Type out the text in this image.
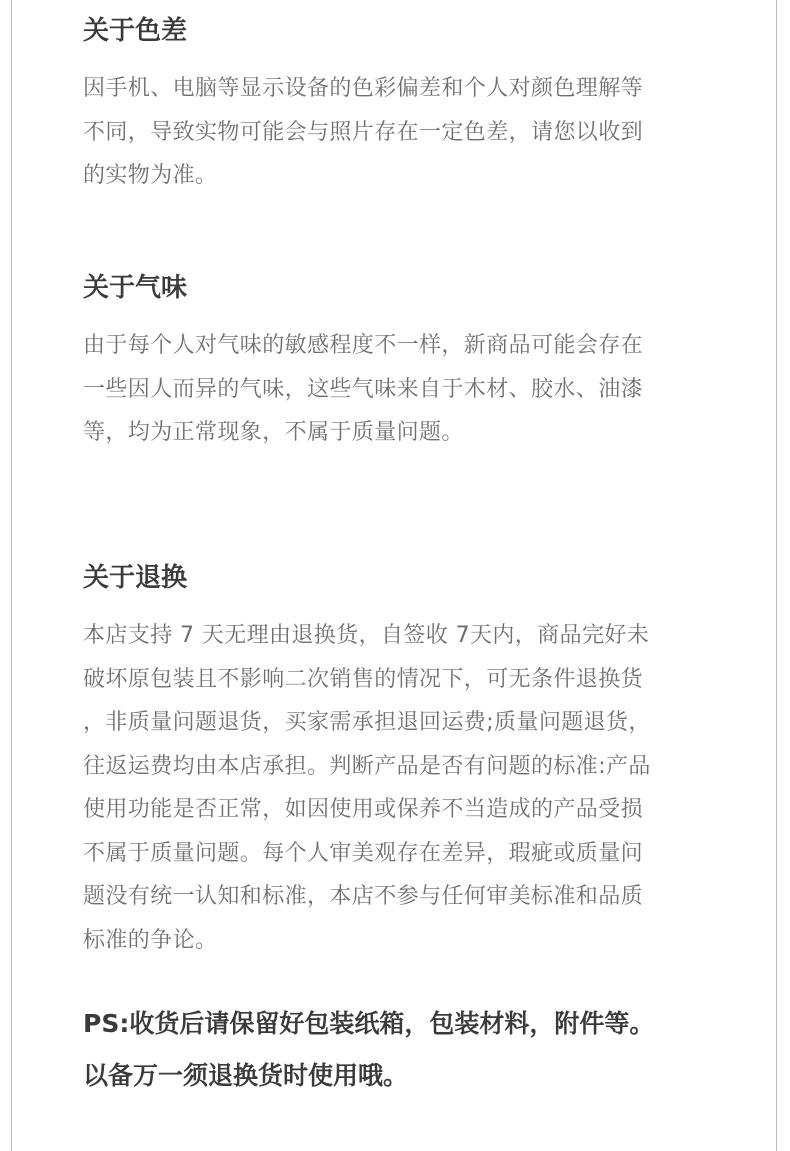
关于色差
因手机、电脑等显示设备的色彩偏差和个人对颜色理解等
不同，导致实物可能会与照片存在一定色差，请您以收到
的实物为准。
关于气味
由于每个人对气味的敏感程度不一样，新商品可能会存在
一些因人而异的气味，这些气味来自于木材、胶水、油漆
等，均为正常现象，不属于质量问题。
关于退换
本店支持 7 天无理由退换货，自签收 7天内，商品完好未
破坏原包装且不影响二次销售的情况下，可无条件退换货
，非质量问题退货，买家需承担退回运费;质量问题退货，
往返运费均由本店承担。判断产品是否有问题的标准:产品
使用功能是否正常，如因使用或保养不当造成的产品受损
不属于质量问题。每个人审美观存在差异，瑕疵或质量问
题没有统一认知和标准，本店不参与任何审美标准和品质
标准的争论。
PS:收货后请保留好包装纸箱，包装材料，附件等。
以备万一须退换货时使用哦。
